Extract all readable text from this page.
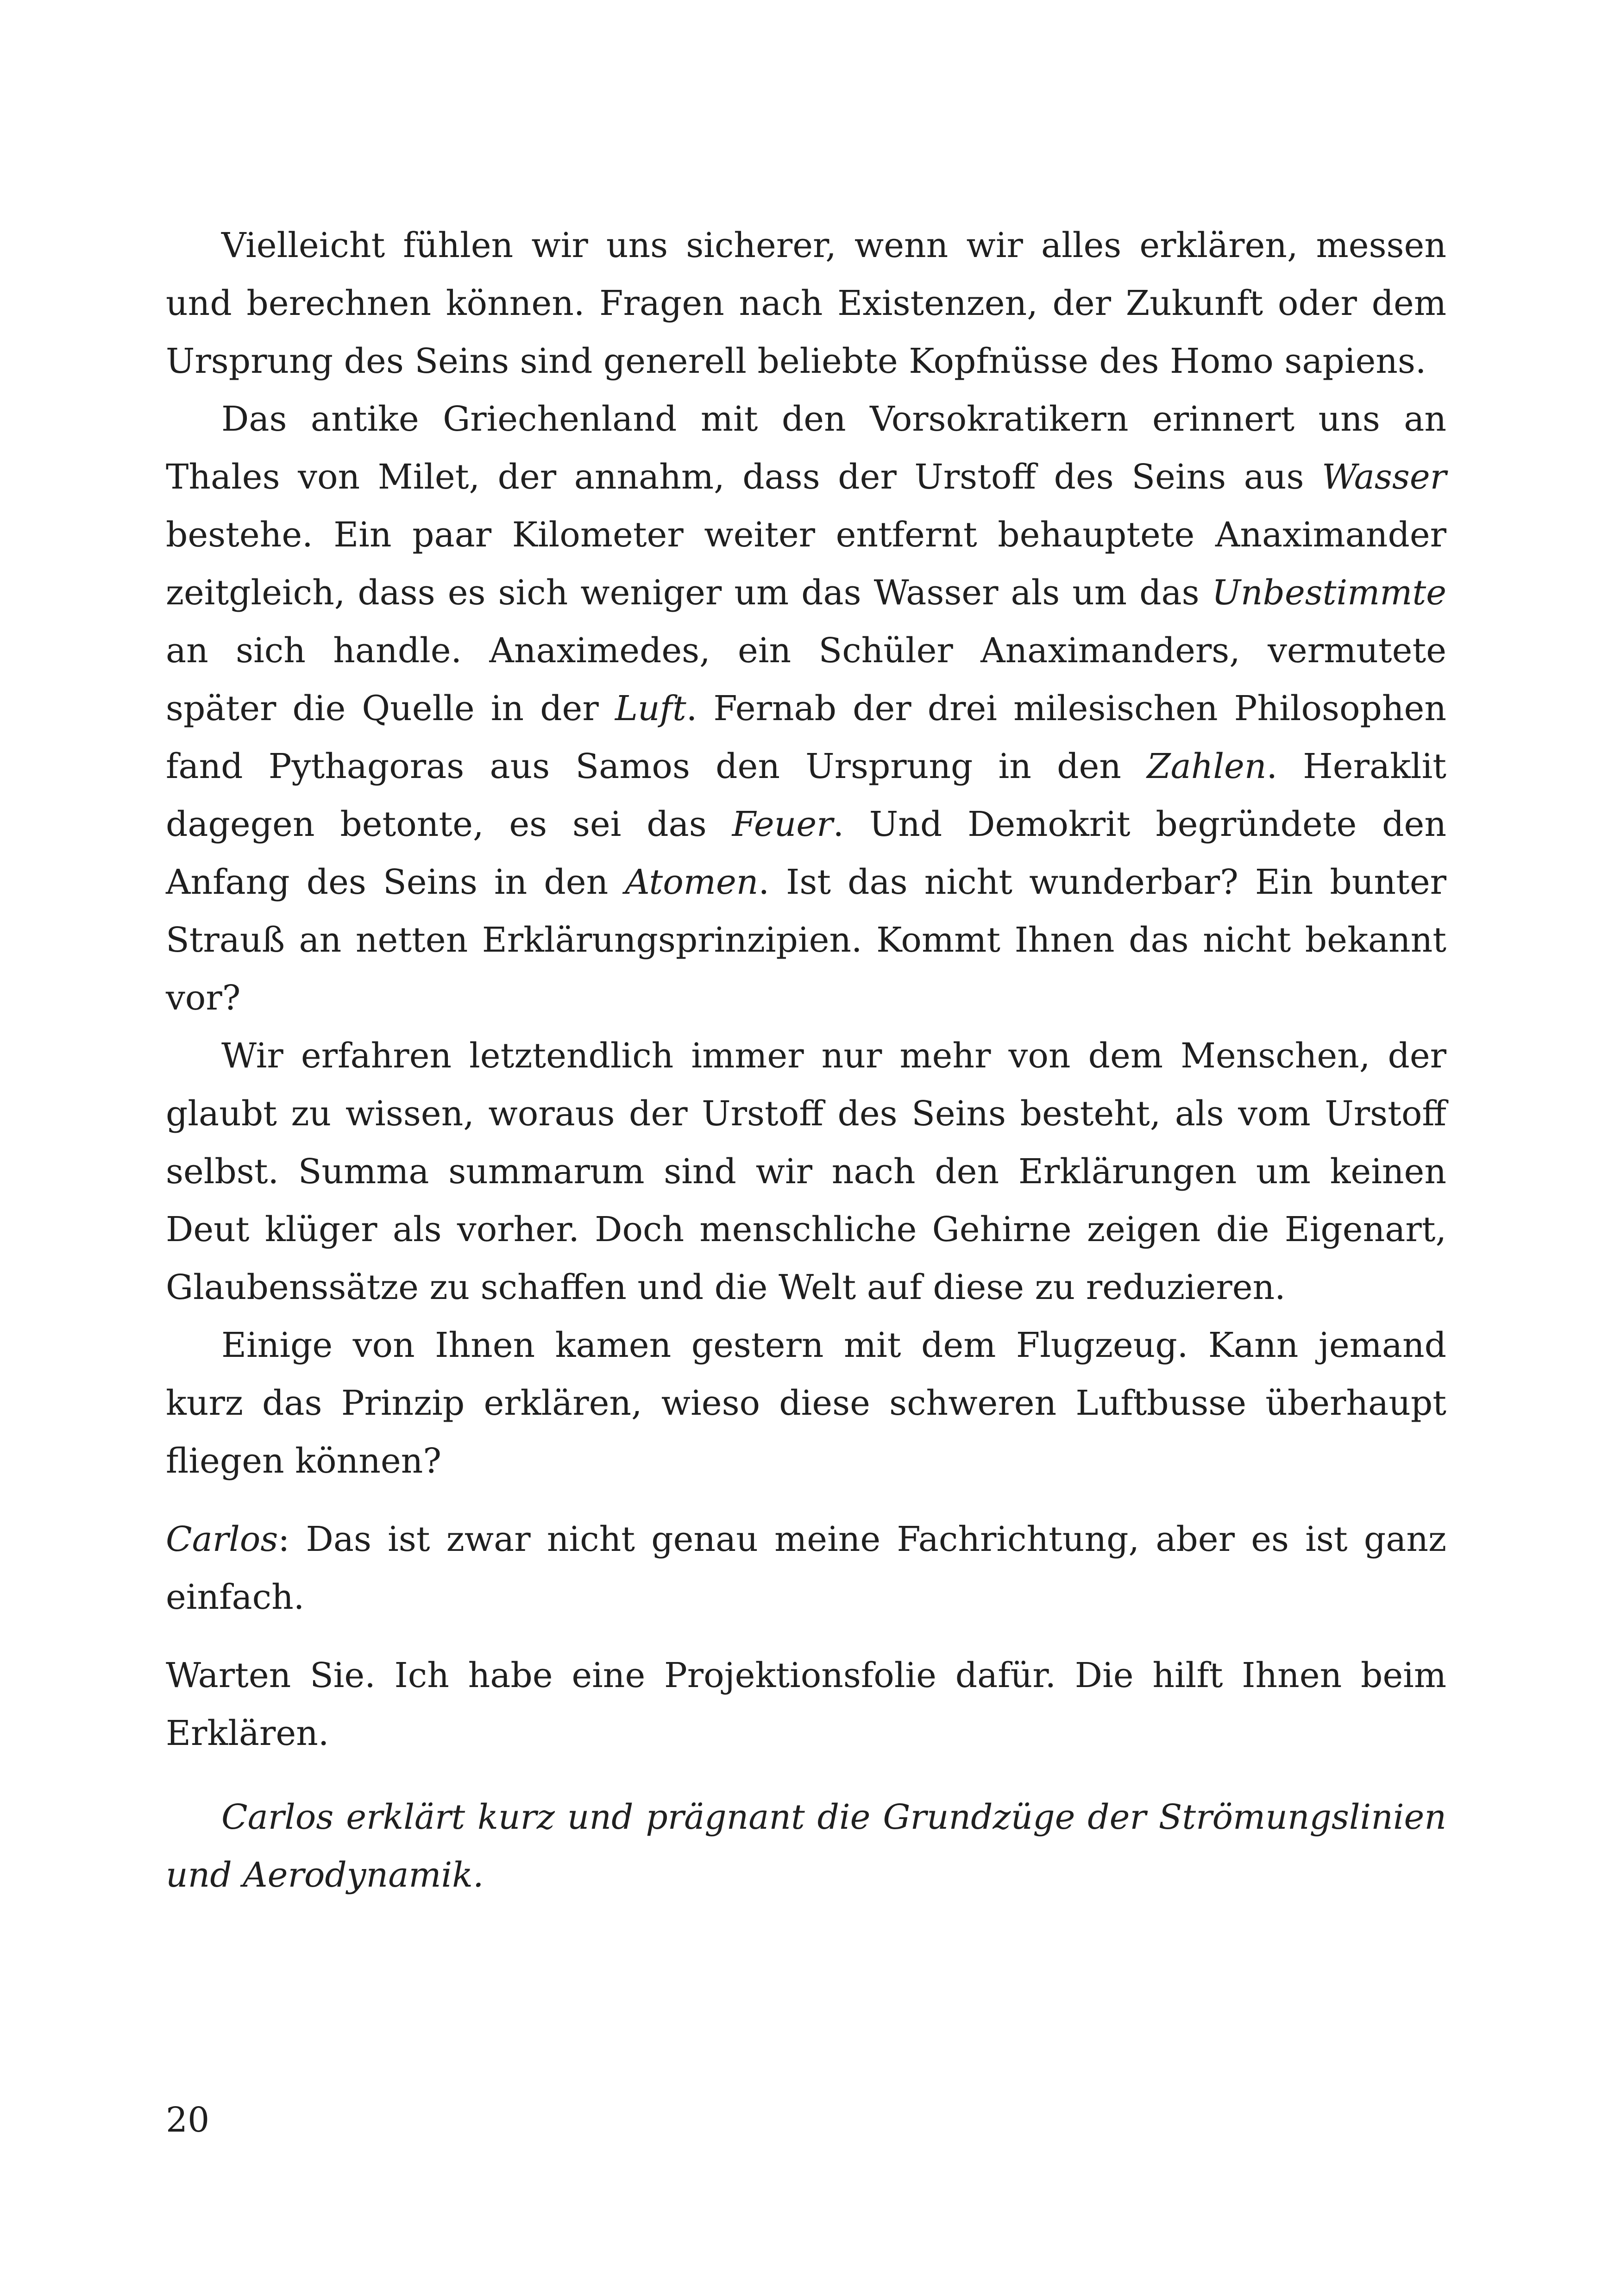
Vielleicht fühlen wir uns sicherer, wenn wir alles erklären, messen und berechnen können. Fragen nach Existenzen, der Zukunft oder dem Ursprung des Seins sind generell beliebte Kopfnüsse des Homo sapiens.

Das antike Griechenland mit den Vorsokratikern erinnert uns an Thales von Milet, der annahm, dass der Urstoff des Seins aus Wasser bestehe. Ein paar Kilometer weiter entfernt behauptete Anaximander zeitgleich, dass es sich weniger um das Wasser als um das Unbestimmte an sich handle. Anaximedes, ein Schüler Anaximanders, vermutete später die Quelle in der Luft. Fernab der drei milesischen Philosophen fand Pythagoras aus Samos den Ursprung in den Zahlen. Heraklit dagegen betonte, es sei das Feuer. Und Demokrit begründete den Anfang des Seins in den Atomen. Ist das nicht wunderbar? Ein bunter Strauß an netten Erklärungsprinzipien. Kommt Ihnen das nicht bekannt vor?

Wir erfahren letztendlich immer nur mehr von dem Menschen, der glaubt zu wissen, woraus der Urstoff des Seins besteht, als vom Urstoff selbst. Summa summarum sind wir nach den Erklärungen um keinen Deut klüger als vorher. Doch menschliche Gehirne zeigen die Eigenart, Glaubenssätze zu schaffen und die Welt auf diese zu reduzieren.

Einige von Ihnen kamen gestern mit dem Flugzeug. Kann jemand kurz das Prinzip erklären, wieso diese schweren Luftbusse überhaupt fliegen können?

Carlos: Das ist zwar nicht genau meine Fachrichtung, aber es ist ganz einfach.

Warten Sie. Ich habe eine Projektionsfolie dafür. Die hilft Ihnen beim Erklären.

Carlos erklärt kurz und prägnant die Grundzüge der Strömungslinien und Aerodynamik.

20
